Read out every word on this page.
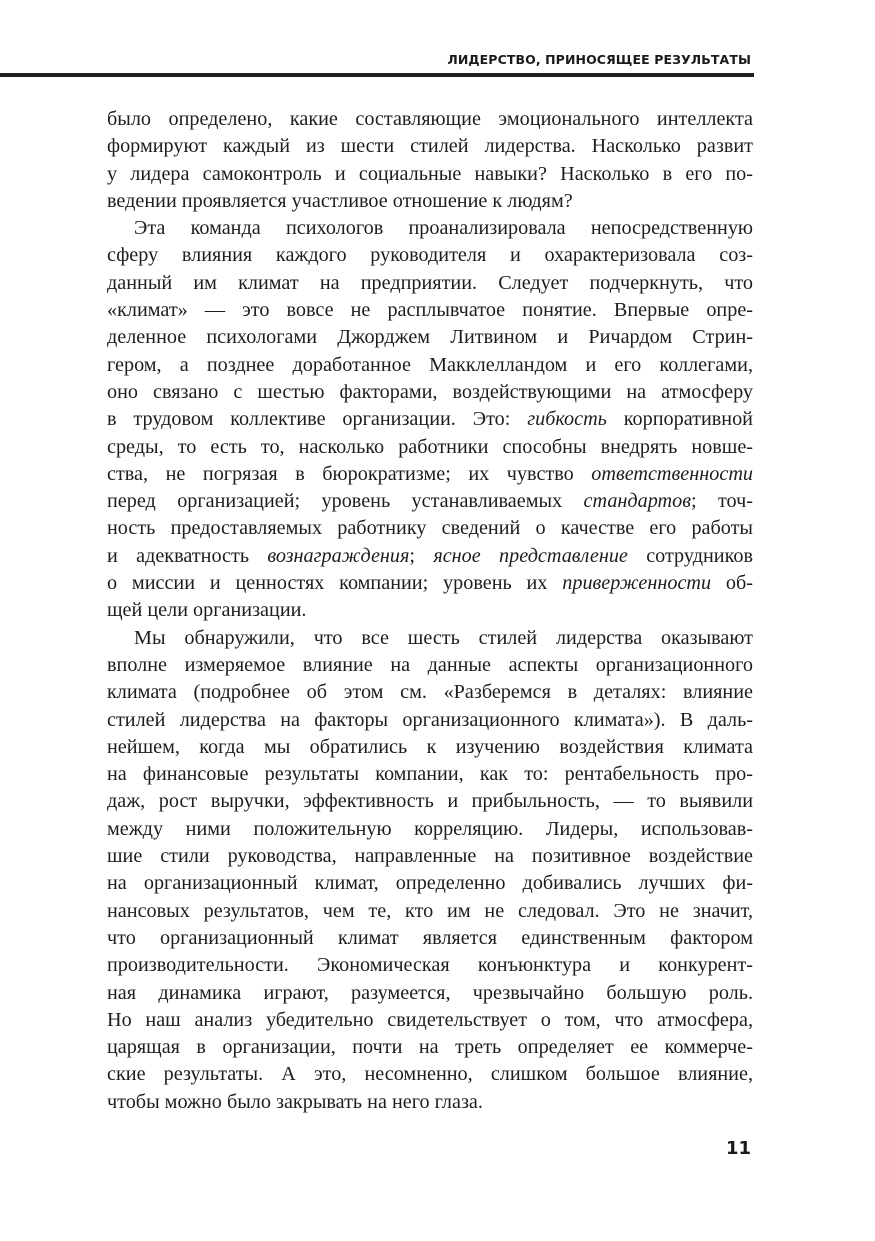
ЛИДЕРСТВО, ПРИНОСЯЩЕЕ РЕЗУЛЬТАТЫ
было определено, какие составляющие эмоционального интеллекта
формируют каждый из шести стилей лидерства. Насколько развит
у лидера самоконтроль и социальные навыки? Насколько в его по-
ведении проявляется участливое отношение к людям?
Эта команда психологов проанализировала непосредственную
сферу влияния каждого руководителя и охарактеризовала соз-
данный им климат на предприятии. Следует подчеркнуть, что
«климат» — это вовсе не расплывчатое понятие. Впервые опре-
деленное психологами Джорджем Литвином и Ричардом Стрин-
гером, а позднее доработанное Макклелландом и его коллегами,
оно связано с шестью факторами, воздействующими на атмосферу
в трудовом коллективе организации. Это: гибкость корпоративной
среды, то есть то, насколько работники способны внедрять новше-
ства, не погрязая в бюрократизме; их чувство ответственности
перед организацией; уровень устанавливаемых стандартов; точ-
ность предоставляемых работнику сведений о качестве его работы
и адекватность вознаграждения; ясное представление сотрудников
о миссии и ценностях компании; уровень их приверженности об-
щей цели организации.
Мы обнаружили, что все шесть стилей лидерства оказывают
вполне измеряемое влияние на данные аспекты организационного
климата (подробнее об этом см. «Разберемся в деталях: влияние
стилей лидерства на факторы организационного климата»). В даль-
нейшем, когда мы обратились к изучению воздействия климата
на финансовые результаты компании, как то: рентабельность про-
даж, рост выручки, эффективность и прибыльность, — то выявили
между ними положительную корреляцию. Лидеры, использовав-
шие стили руководства, направленные на позитивное воздействие
на организационный климат, определенно добивались лучших фи-
нансовых результатов, чем те, кто им не следовал. Это не значит,
что организационный климат является единственным фактором
производительности. Экономическая конъюнктура и конкурент-
ная динамика играют, разумеется, чрезвычайно большую роль.
Но наш анализ убедительно свидетельствует о том, что атмосфера,
царящая в организации, почти на треть определяет ее коммерче-
ские результаты. А это, несомненно, слишком большое влияние,
чтобы можно было закрывать на него глаза.
11
